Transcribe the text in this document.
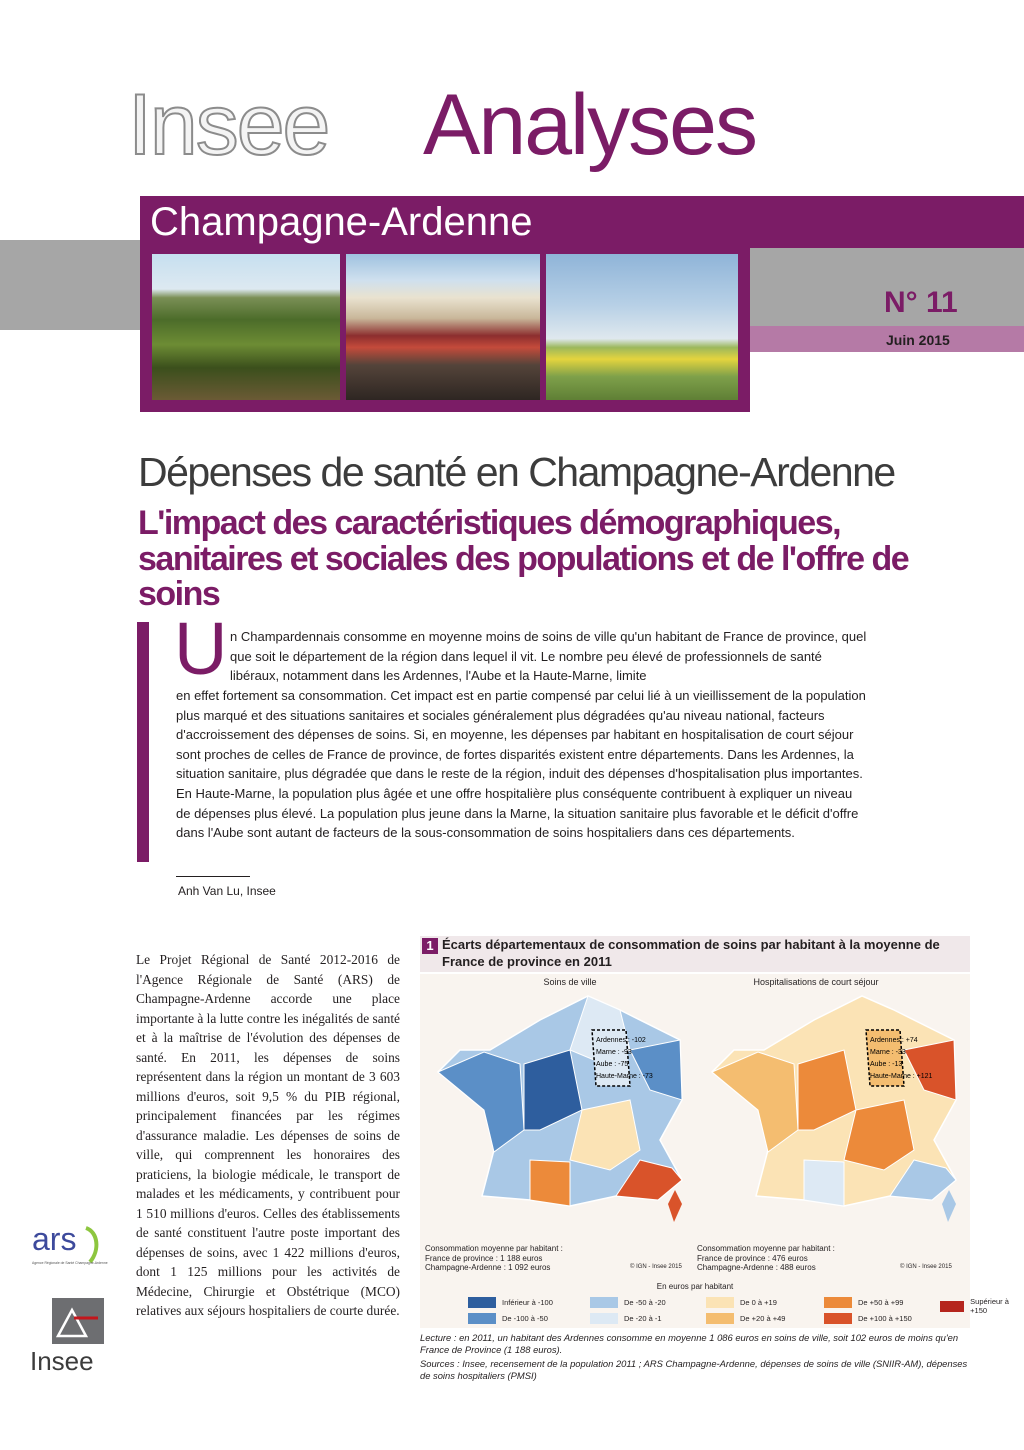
Insee Analyses
Champagne-Ardenne
N° 11
Juin 2015
Dépenses de santé en Champagne-Ardenne
L'impact des caractéristiques démographiques, sanitaires et sociales des populations et de l'offre de soins
U n Champardennais consomme en moyenne moins de soins de ville qu'un habitant de France de province, quel que soit le département de la région dans lequel il vit. Le nombre peu élevé de professionnels de santé libéraux, notamment dans les Ardennes, l'Aube et la Haute-Marne, limite
en effet fortement sa consommation. Cet impact est en partie compensé par celui lié à un vieillissement de la population plus marqué et des situations sanitaires et sociales généralement plus dégradées qu'au niveau national, facteurs d'accroissement des dépenses de soins. Si, en moyenne, les dépenses par habitant en hospitalisation de court séjour sont proches de celles de France de province, de fortes disparités existent entre départements. Dans les Ardennes, la situation sanitaire, plus dégradée que dans le reste de la région, induit des dépenses d'hospitalisation plus importantes. En Haute-Marne, la population plus âgée et une offre hospitalière plus conséquente contribuent à expliquer un niveau de dépenses plus élevé. La population plus jeune dans la Marne, la situation sanitaire plus favorable et le déficit d'offre dans l'Aube sont autant de facteurs de la sous-consommation de soins hospitaliers dans ces départements.
Anh Van Lu, Insee
Le Projet Régional de Santé 2012-2016 de l'Agence Régionale de Santé (ARS) de Champagne-Ardenne accorde une place importante à la lutte contre les inégalités de santé et à la maîtrise de l'évolution des dépenses de santé. En 2011, les dépenses de soins représentent dans la région un montant de 3 603 millions d'euros, soit 9,5 % du PIB régional, principalement financées par les régimes d'assurance maladie. Les dépenses de soins de ville, qui comprennent les honoraires des praticiens, la biologie médicale, le transport de malades et les médicaments, y contribuent pour 1 510 millions d'euros. Celles des établissements de santé constituent l'autre poste important des dépenses de soins, avec 1 422 millions d'euros, dont 1 125 millions pour les activités de Médecine, Chirurgie et Obstétrique (MCO) relatives aux séjours hospitaliers de courte durée.
ars
Agence Régionale de Santé Champagne-Ardenne
Insee
1 Écarts départementaux de consommation de soins par habitant à la moyenne de France de province en 2011
Soins de ville	Hospitalisations de court séjour
Ardennes : -102
Marne : -93
Aube : -75
Haute-Marne : -73
Ardennes : +74
Marne : -33
Aube : -13
Haute-Marne : +121
Consommation moyenne par habitant :
France de province : 1 188 euros
Champagne-Ardenne : 1 092 euros
Consommation moyenne par habitant :
France de province : 476 euros
Champagne-Ardenne : 488 euros
© IGN - Insee 2015	© IGN - Insee 2015
En euros par habitant
Inférieur à -100
De -100 à -50
De -50 à -20
De -20 à -1
De 0 à +19
De +20 à +49
De +50 à +99
De +100 à +150
Supérieur à +150
Lecture : en 2011, un habitant des Ardennes consomme en moyenne 1 086 euros en soins de ville, soit 102 euros de moins qu'en France de Province (1 188 euros).
Sources : Insee, recensement de la population 2011 ; ARS Champagne-Ardenne, dépenses de soins de ville (SNIIR-AM), dépenses de soins hospitaliers (PMSI)
